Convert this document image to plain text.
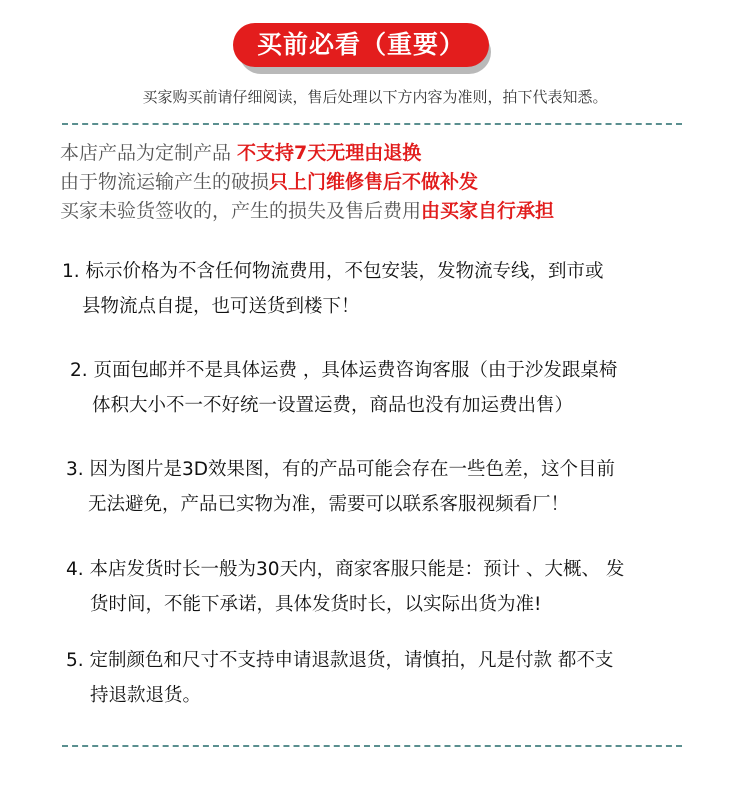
买前必看（重要）
买家购买前请仔细阅读，售后处理以下方内容为准则，拍下代表知悉。
本店产品为定制产品 不支持7天无理由退换
由于物流运输产生的破损只上门维修售后不做补发
买家未验货签收的，产生的损失及售后费用由买家自行承担
1. 标示价格为不含任何物流费用，不包安装，发物流专线，到市或
县物流点自提，也可送货到楼下！
2. 页面包邮并不是具体运费 ，具体运费咨询客服（由于沙发跟桌椅
体积大小不一不好统一设置运费，商品也没有加运费出售）
3. 因为图片是3D效果图，有的产品可能会存在一些色差，这个目前
无法避免，产品已实物为准，需要可以联系客服视频看厂！
4. 本店发货时长一般为30天内，商家客服只能是：预计 、大概、 发
货时间，不能下承诺，具体发货时长，以实际出货为准!
5. 定制颜色和尺寸不支持申请退款退货，请慎拍，凡是付款 都不支
持退款退货。
